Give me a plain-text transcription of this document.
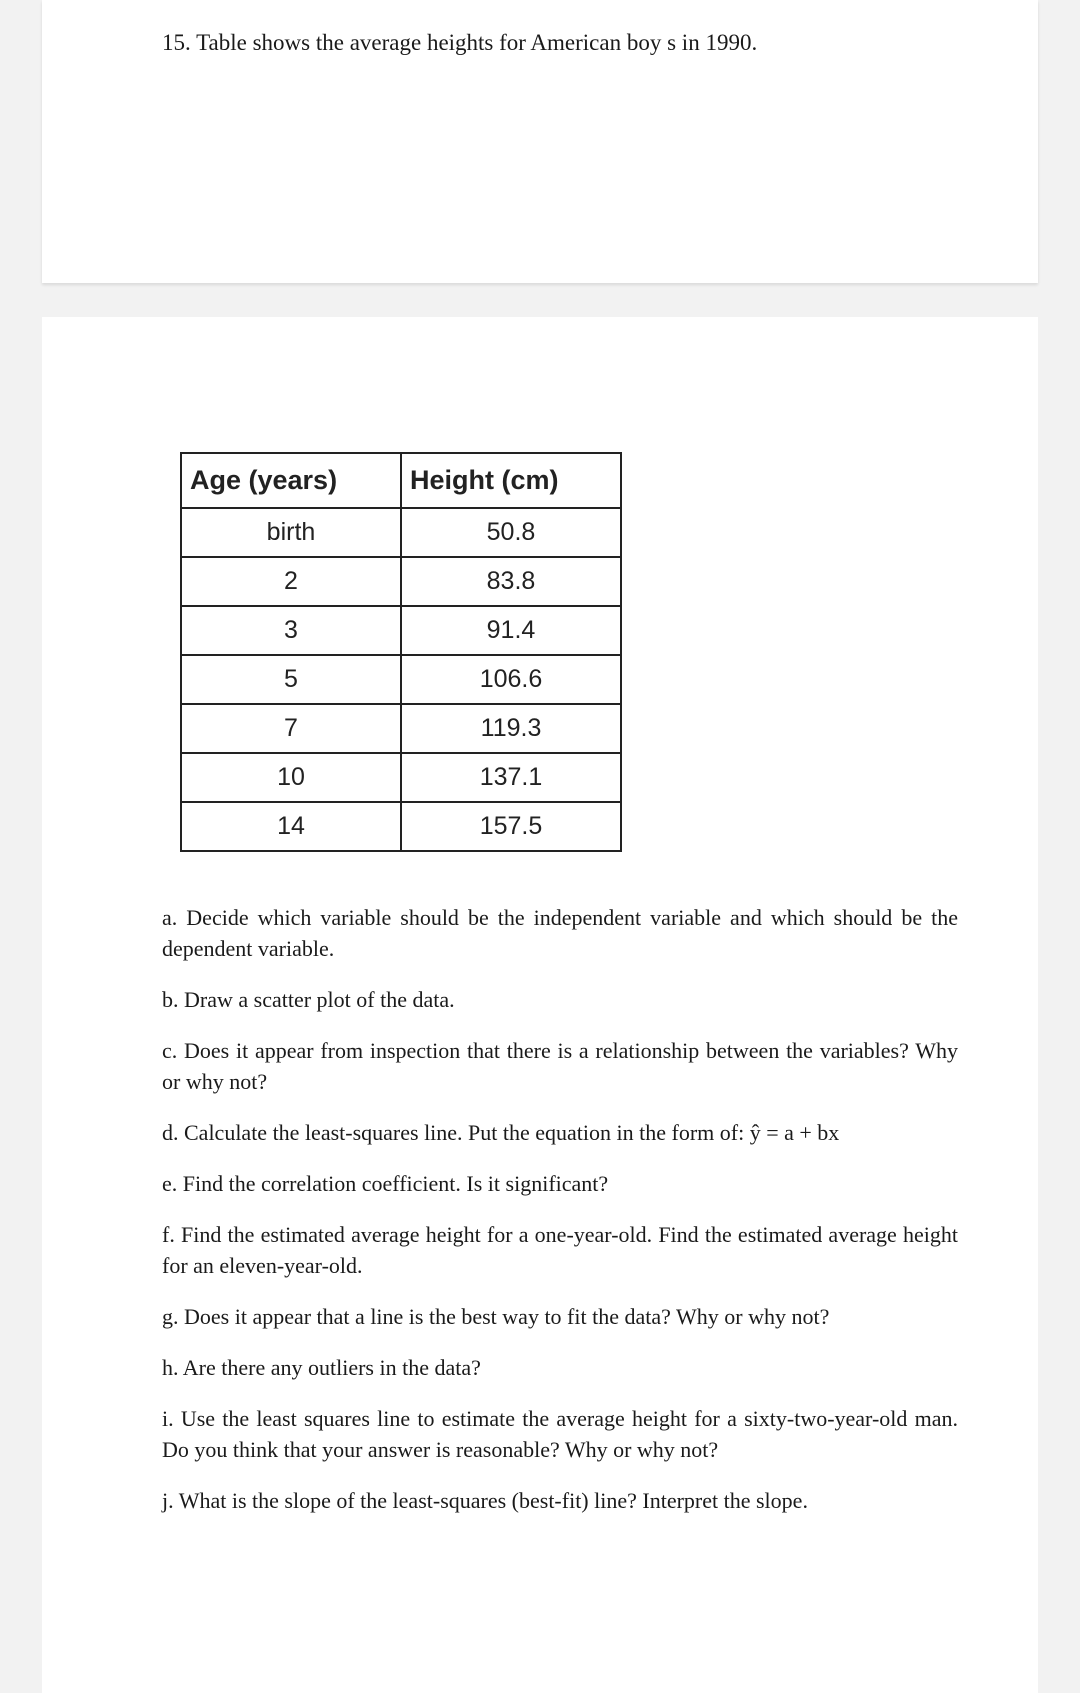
15. Table shows the average heights for American boy s in 1990.
Age (years)	Height (cm)
birth	50.8
2	83.8
3	91.4
5	106.6
7	119.3
10	137.1
14	157.5
a. Decide which variable should be the independent variable and which should be the dependent variable.
b. Draw a scatter plot of the data.
c. Does it appear from inspection that there is a relationship between the variables? Why or why not?
d. Calculate the least-squares line. Put the equation in the form of: ŷ = a + bx
e. Find the correlation coefficient. Is it significant?
f. Find the estimated average height for a one-year-old. Find the estimated average height for an eleven-year-old.
g. Does it appear that a line is the best way to fit the data? Why or why not?
h. Are there any outliers in the data?
i. Use the least squares line to estimate the average height for a sixty-two-year-old man. Do you think that your answer is reasonable? Why or why not?
j. What is the slope of the least-squares (best-fit) line? Interpret the slope.
